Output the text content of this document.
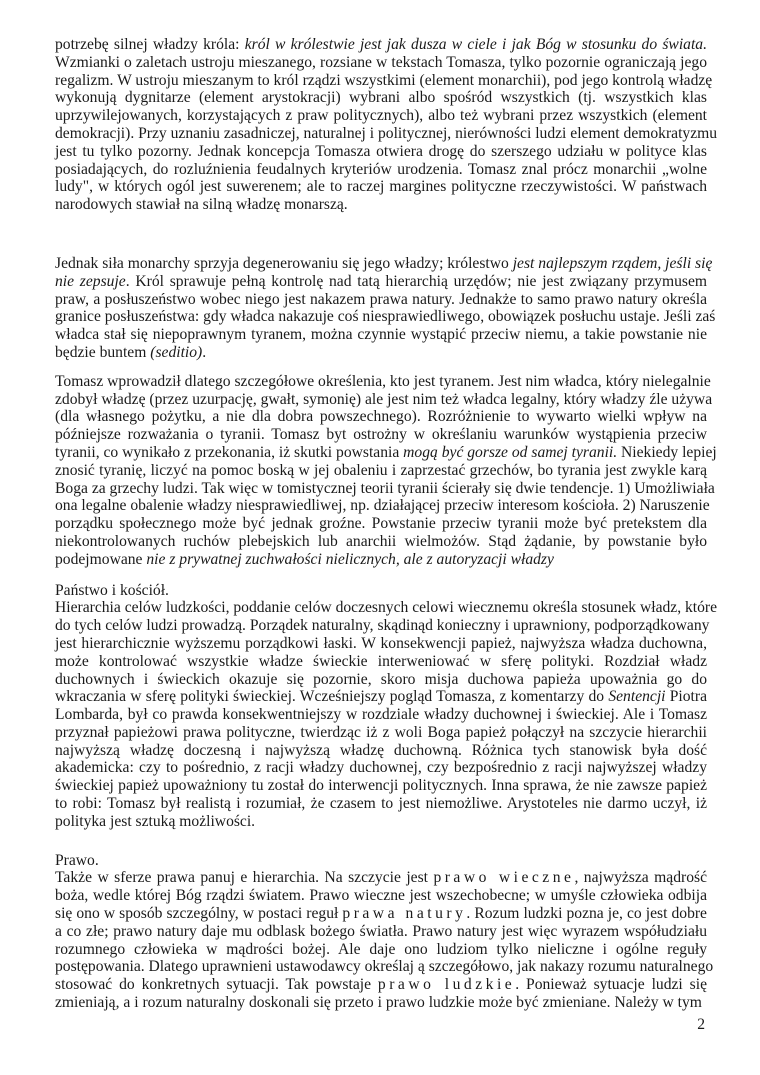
potrzebę silnej władzy króla: król w królestwie jest jak dusza w ciele i jak Bóg w stosunku do świata.
Wzmianki o zaletach ustroju mieszanego, rozsiane w tekstach Tomasza, tylko pozornie ograniczają jego
regalizm. W ustroju mieszanym to król rządzi wszystkimi (element monarchii), pod jego kontrolą władzę
wykonują dygnitarze (element arystokracji) wybrani albo spośród wszystkich (tj. wszystkich klas
uprzywilejowanych, korzystających z praw politycznych), albo też wybrani przez wszystkich (element
demokracji). Przy uznaniu zasadniczej, naturalnej i politycznej, nierówności ludzi element demokratyzmu
jest tu tylko pozorny. Jednak koncepcja Tomasza otwiera drogę do szerszego udziału w polityce klas
posiadających, do rozluźnienia feudalnych kryteriów urodzenia. Tomasz znal prócz monarchii „wolne
ludy", w których ogól jest suwerenem; ale to raczej margines polityczne rzeczywistości. W państwach
narodowych stawiał na silną władzę monarszą.
Jednak siła monarchy sprzyja degenerowaniu się jego władzy; królestwo jest najlepszym rządem, jeśli się
nie zepsuje. Król sprawuje pełną kontrolę nad tatą hierarchią urzędów; nie jest związany przymusem
praw, a posłuszeństwo wobec niego jest nakazem prawa natury. Jednakże to samo prawo natury określa
granice posłuszeństwa: gdy władca nakazuje coś niesprawiedliwego, obowiązek posłuchu ustaje. Jeśli zaś
władca stał się niepoprawnym tyranem, można czynnie wystąpić przeciw niemu, a takie powstanie nie
będzie buntem (seditio).
Tomasz wprowadził dlatego szczegółowe określenia, kto jest tyranem. Jest nim władca, który nielegalnie
zdobył władzę (przez uzurpację, gwałt, symonię) ale jest nim też władca legalny, który władzy źle używa
(dla własnego pożytku, a nie dla dobra powszechnego). Rozróżnienie to wywarto wielki wpływ na
późniejsze rozważania o tyranii. Tomasz byt ostrożny w określaniu warunków wystąpienia przeciw
tyranii, co wynikało z przekonania, iż skutki powstania mogą być gorsze od samej tyranii. Niekiedy lepiej
znosić tyranię, liczyć na pomoc boską w jej obaleniu i zaprzestać grzechów, bo tyrania jest zwykle karą
Boga za grzechy ludzi. Tak więc w tomistycznej teorii tyranii ścierały się dwie tendencje. 1) Umożliwiała
ona legalne obalenie władzy niesprawiedliwej, np. działającej przeciw interesom kościoła. 2) Naruszenie
porządku społecznego może być jednak groźne. Powstanie przeciw tyranii może być pretekstem dla
niekontrolowanych ruchów plebejskich lub anarchii wielmożów. Stąd żądanie, by powstanie było
podejmowane nie z prywatnej zuchwałości nielicznych, ale z autoryzacji władzy
Państwo i kościół.
Hierarchia celów ludzkości, poddanie celów doczesnych celowi wiecznemu określa stosunek władz, które
do tych celów ludzi prowadzą. Porządek naturalny, skądinąd konieczny i uprawniony, podporządkowany
jest hierarchicznie wyższemu porządkowi łaski. W konsekwencji papież, najwyższa władza duchowna,
może kontrolować wszystkie władze świeckie interweniować w sferę polityki. Rozdział władz
duchownych i świeckich okazuje się pozornie, skoro misja duchowa papieża upoważnia go do
wkraczania w sferę polityki świeckiej. Wcześniejszy pogląd Tomasza, z komentarzy do Sentencji Piotra
Lombarda, był co prawda konsekwentniejszy w rozdziale władzy duchownej i świeckiej. Ale i Tomasz
przyznał papieżowi prawa polityczne, twierdząc iż z woli Boga papież połączył na szczycie hierarchii
najwyższą władzę doczesną i najwyższą władzę duchowną. Różnica tych stanowisk była dość
akademicka: czy to pośrednio, z racji władzy duchownej, czy bezpośrednio z racji najwyższej władzy
świeckiej papież upoważniony tu został do interwencji politycznych. Inna sprawa, że nie zawsze papież
to robi: Tomasz był realistą i rozumiał, że czasem to jest niemożliwe. Arystoteles nie darmo uczył, iż
polityka jest sztuką możliwości.
Prawo.
Także w sferze prawa panuj e hierarchia. Na szczycie jest prawo wieczne, najwyższa mądrość
boża, wedle której Bóg rządzi światem. Prawo wieczne jest wszechobecne; w umyśle człowieka odbija
się ono w sposób szczególny, w postaci reguł prawa natury. Rozum ludzki pozna je, co jest dobre
a co złe; prawo natury daje mu odblask bożego światła. Prawo natury jest więc wyrazem współudziału
rozumnego człowieka w mądrości bożej. Ale daje ono ludziom tylko nieliczne i ogólne reguły
postępowania. Dlatego uprawnieni ustawodawcy określaj ą szczegółowo, jak nakazy rozumu naturalnego
stosować do konkretnych sytuacji. Tak powstaje prawo ludzkie. Ponieważ sytuacje ludzi się
zmieniają, a i rozum naturalny doskonali się przeto i prawo ludzkie może być zmieniane. Należy w tym
2
